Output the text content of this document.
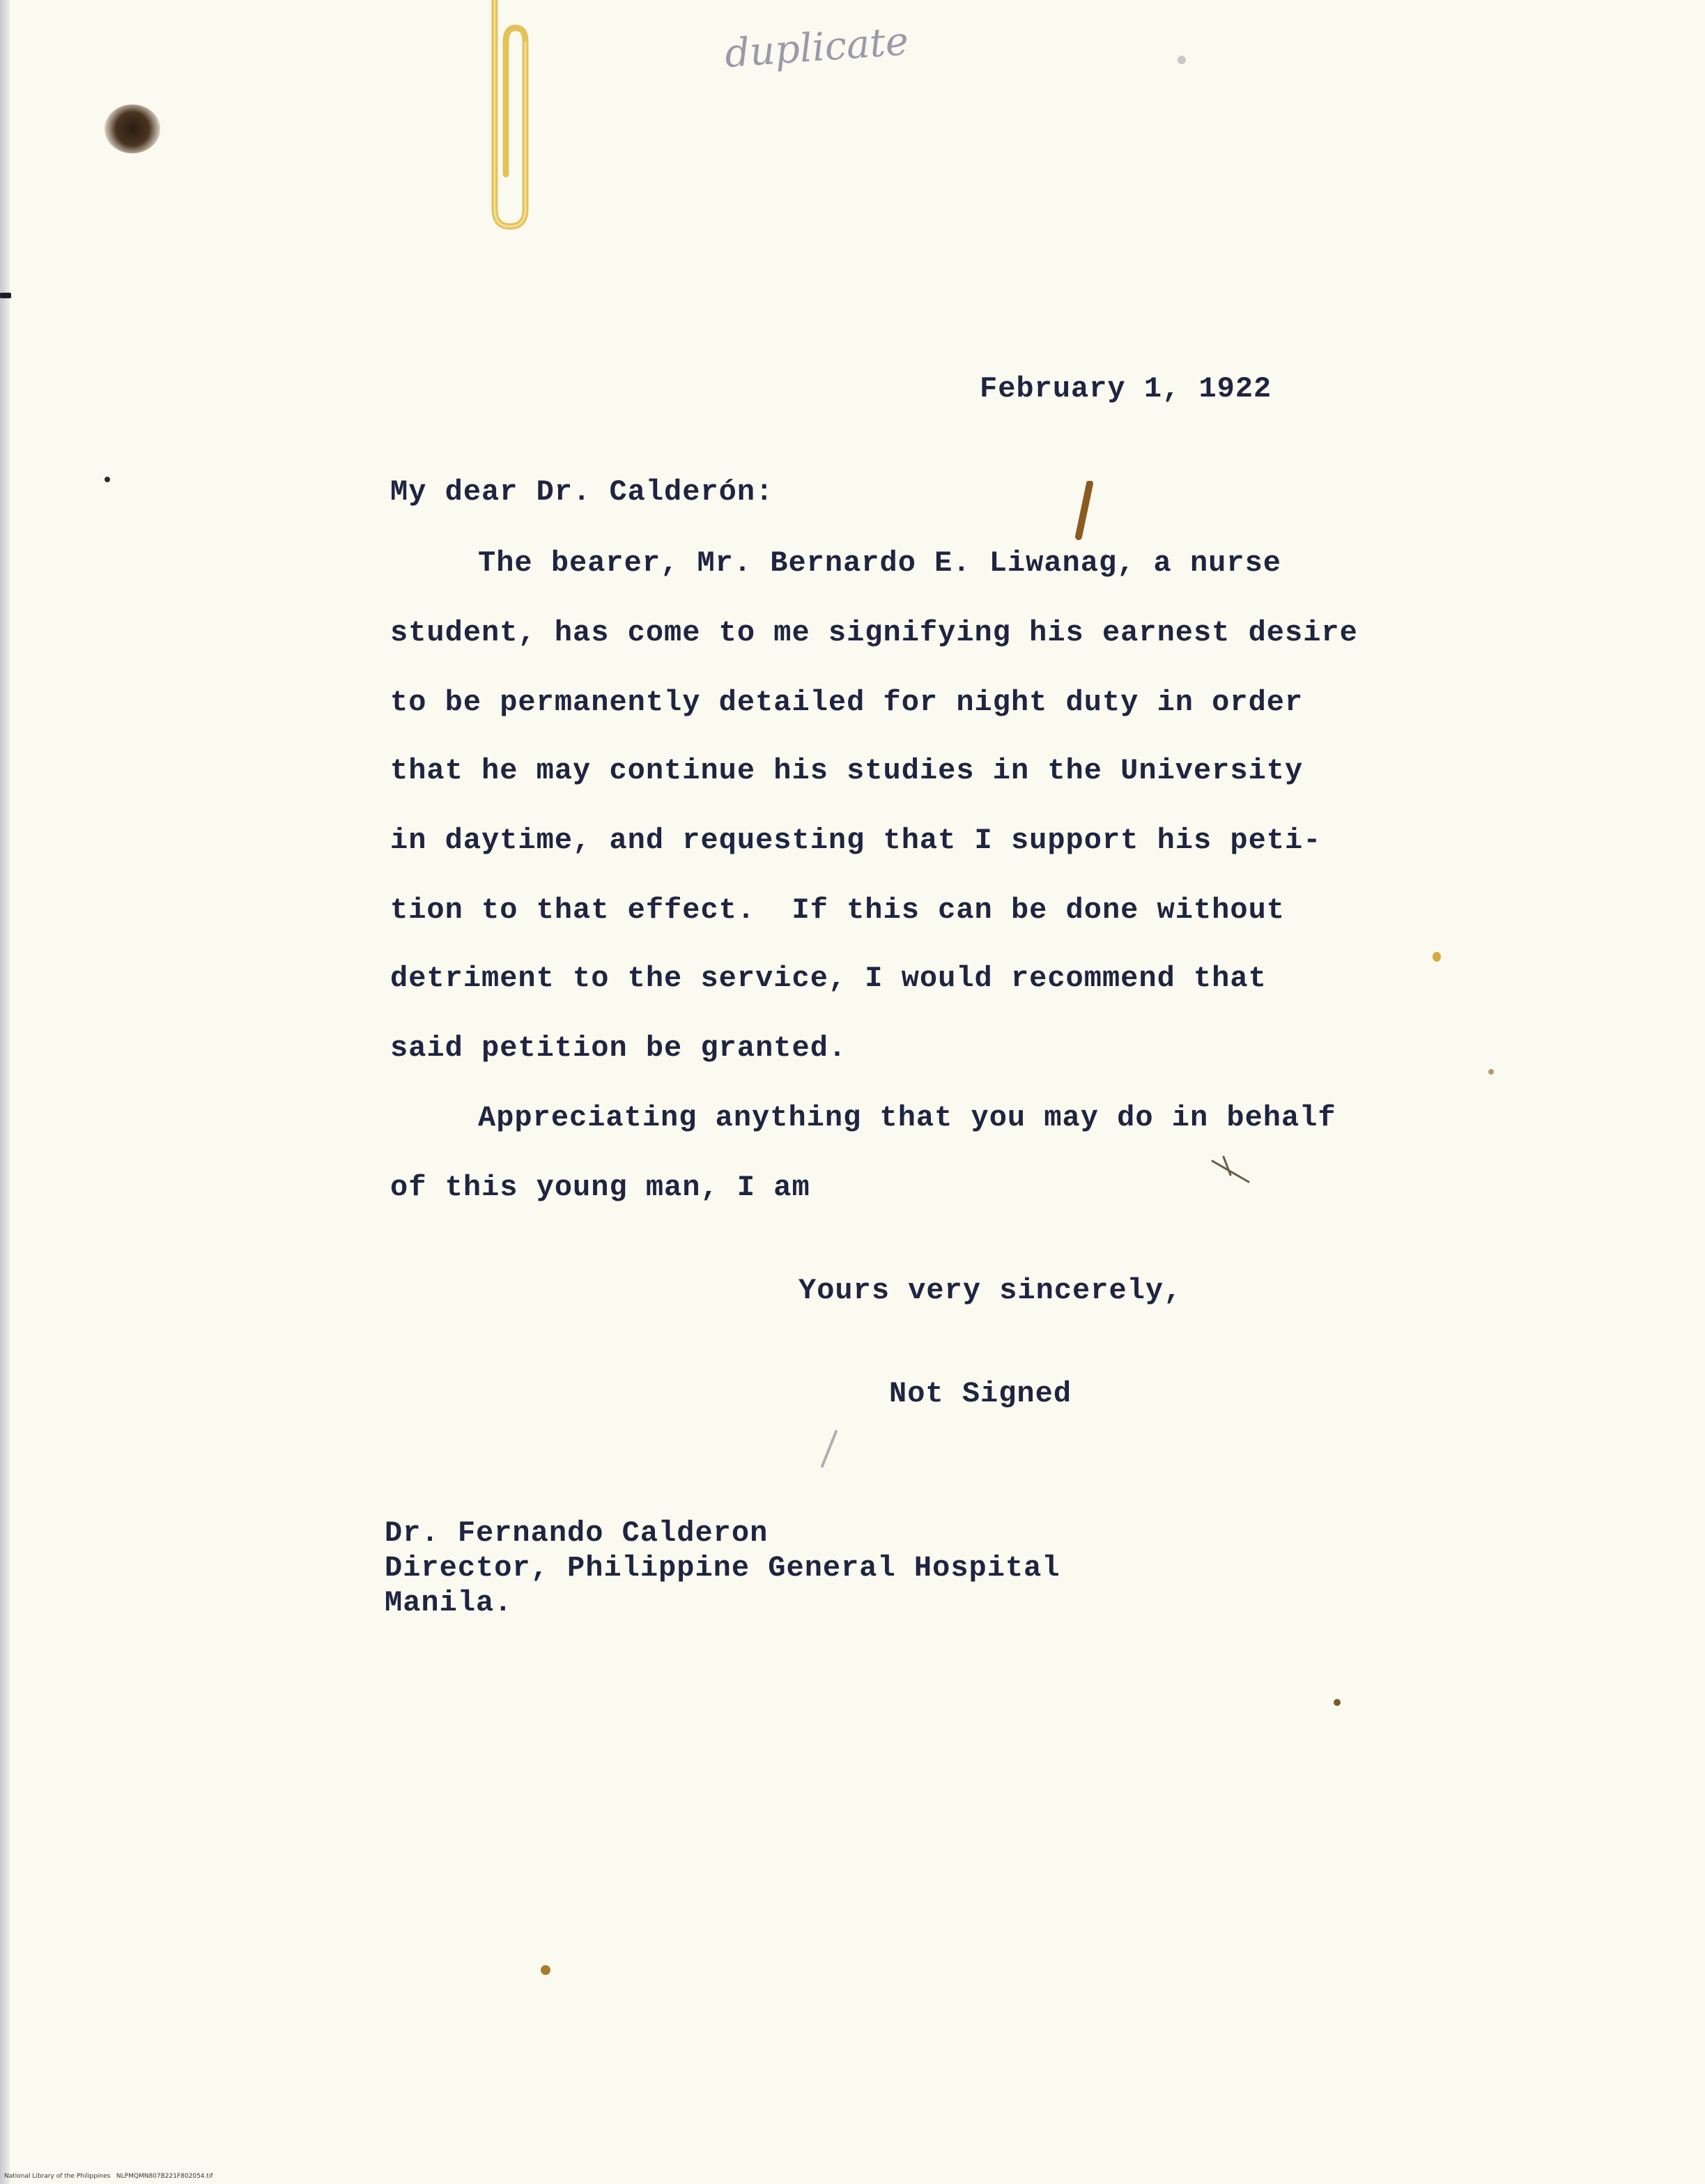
duplicate
February 1, 1922
My dear Dr. Calderón:
The bearer, Mr. Bernardo E. Liwanag, a nurse
student, has come to me signifying his earnest desire
to be permanently detailed for night duty in order
that he may continue his studies in the University
in daytime, and requesting that I support his peti-
tion to that effect.  If this can be done without
detriment to the service, I would recommend that
said petition be granted.
Appreciating anything that you may do in behalf
of this young man, I am
Yours very sincerely,
Not Signed
Dr. Fernando Calderon
Director, Philippine General Hospital
Manila.
National Library of the Philippines   NLPMQMN807B221F802054.tif
